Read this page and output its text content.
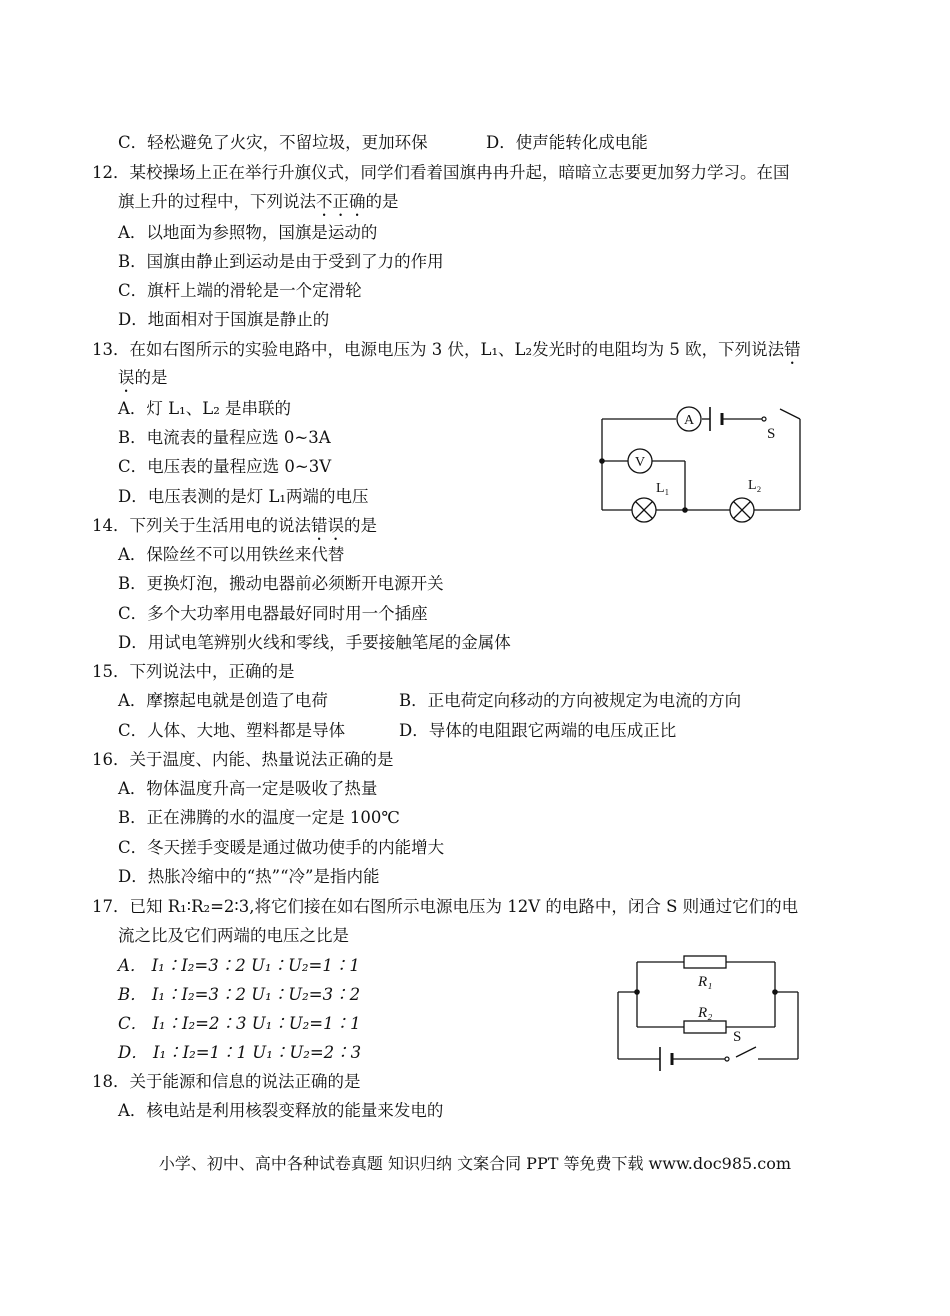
C．轻松避免了火灾，不留垃圾，更加环保	D．使声能转化成电能
12．某校操场上正在举行升旗仪式，同学们看着国旗冉冉升起，暗暗立志要更加努力学习。在国
旗上升的过程中，下列说法不正确的是
A．以地面为参照物，国旗是运动的
B．国旗由静止到运动是由于受到了力的作用
C．旗杆上端的滑轮是一个定滑轮
D．地面相对于国旗是静止的
13．在如右图所示的实验电路中，电源电压为 3 伏，L₁、L₂发光时的电阻均为 5 欧，下列说法错
误的是
A．灯 L₁、L₂ 是串联的
B．电流表的量程应选 0~3A
C．电压表的量程应选 0~3V
D．电压表测的是灯 L₁两端的电压
A
V
S
L₁	L₂
14．下列关于生活用电的说法错误的是
A．保险丝不可以用铁丝来代替
B．更换灯泡，搬动电器前必须断开电源开关
C．多个大功率用电器最好同时用一个插座
D．用试电笔辨别火线和零线，手要接触笔尾的金属体
15．下列说法中，正确的是
A．摩擦起电就是创造了电荷	B．正电荷定向移动的方向被规定为电流的方向
C．人体、大地、塑料都是导体	D．导体的电阻跟它两端的电压成正比
16．关于温度、内能、热量说法正确的是
A．物体温度升高一定是吸收了热量
B．正在沸腾的水的温度一定是 100℃
C．冬天搓手变暖是通过做功使手的内能增大
D．热胀冷缩中的“热”“冷”是指内能
17．已知 R₁∶R₂=2∶3,将它们接在如右图所示电源电压为 12V 的电路中，闭合 S 则通过它们的电
流之比及它们两端的电压之比是
A． I₁∶I₂=3∶2 U₁∶U₂=1∶1
B． I₁∶I₂=3∶2 U₁∶U₂=3∶2
C． I₁∶I₂=2∶3 U₁∶U₂=1∶1
D． I₁∶I₂=1∶1 U₁∶U₂=2∶3
R₁
R₂
S
18．关于能源和信息的说法正确的是
A．核电站是利用核裂变释放的能量来发电的
小学、初中、高中各种试卷真题 知识归纳 文案合同 PPT 等免费下载 www.doc985.com
